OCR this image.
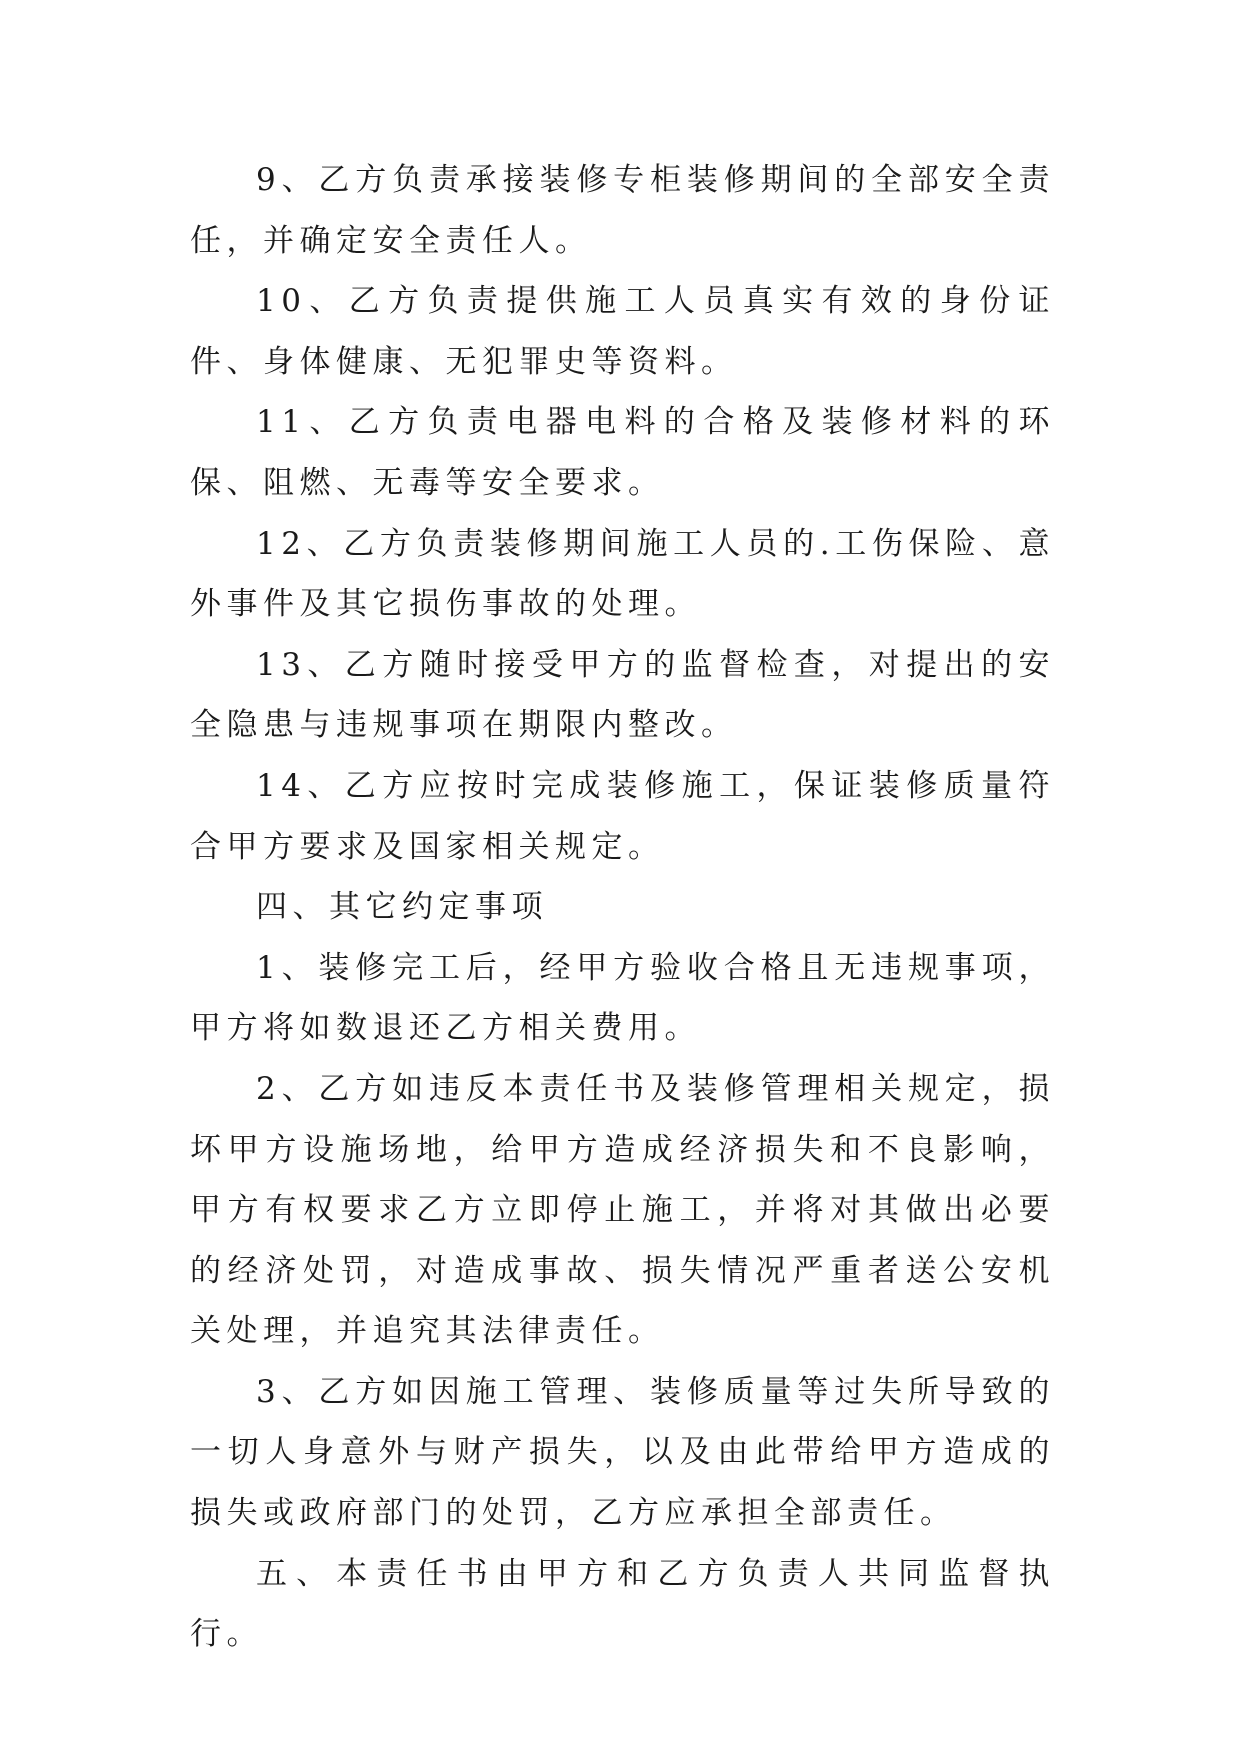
9、乙方负责承接装修专柜装修期间的全部安全责任，并确定安全责任人。

10、乙方负责提供施工人员真实有效的身份证件、身体健康、无犯罪史等资料。

11、乙方负责电器电料的合格及装修材料的环保、阻燃、无毒等安全要求。

12、乙方负责装修期间施工人员的.工伤保险、意外事件及其它损伤事故的处理。

13、乙方随时接受甲方的监督检查，对提出的安全隐患与违规事项在期限内整改。

14、乙方应按时完成装修施工，保证装修质量符合甲方要求及国家相关规定。

四、其它约定事项

1、装修完工后，经甲方验收合格且无违规事项，甲方将如数退还乙方相关费用。

2、乙方如违反本责任书及装修管理相关规定，损坏甲方设施场地，给甲方造成经济损失和不良影响，甲方有权要求乙方立即停止施工，并将对其做出必要的经济处罚，对造成事故、损失情况严重者送公安机关处理，并追究其法律责任。

3、乙方如因施工管理、装修质量等过失所导致的一切人身意外与财产损失，以及由此带给甲方造成的损失或政府部门的处罚，乙方应承担全部责任。

五、本责任书由甲方和乙方负责人共同监督执行。
